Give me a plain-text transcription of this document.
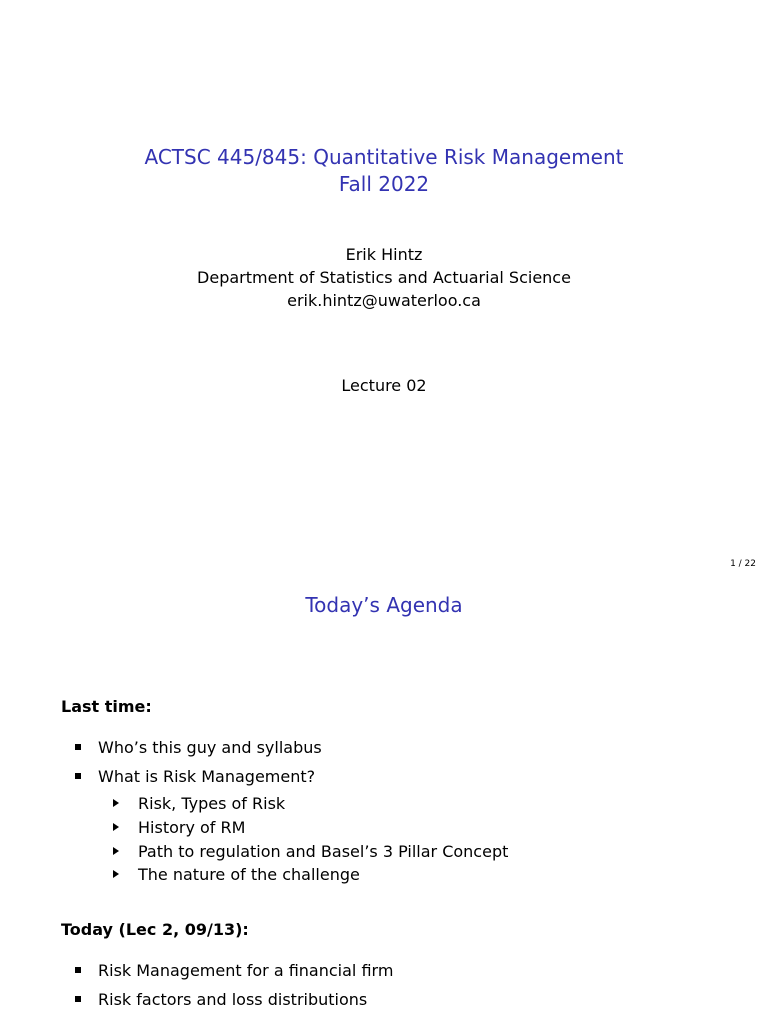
ACTSC 445/845: Quantitative Risk Management
Fall 2022
Erik Hintz
Department of Statistics and Actuarial Science
erik.hintz@uwaterloo.ca
Lecture 02
1 / 22
Today’s Agenda
Last time:
Who’s this guy and syllabus
What is Risk Management?
Risk, Types of Risk
History of RM
Path to regulation and Basel’s 3 Pillar Concept
The nature of the challenge
Today (Lec 2, 09/13):
Risk Management for a financial firm
Risk factors and loss distributions
